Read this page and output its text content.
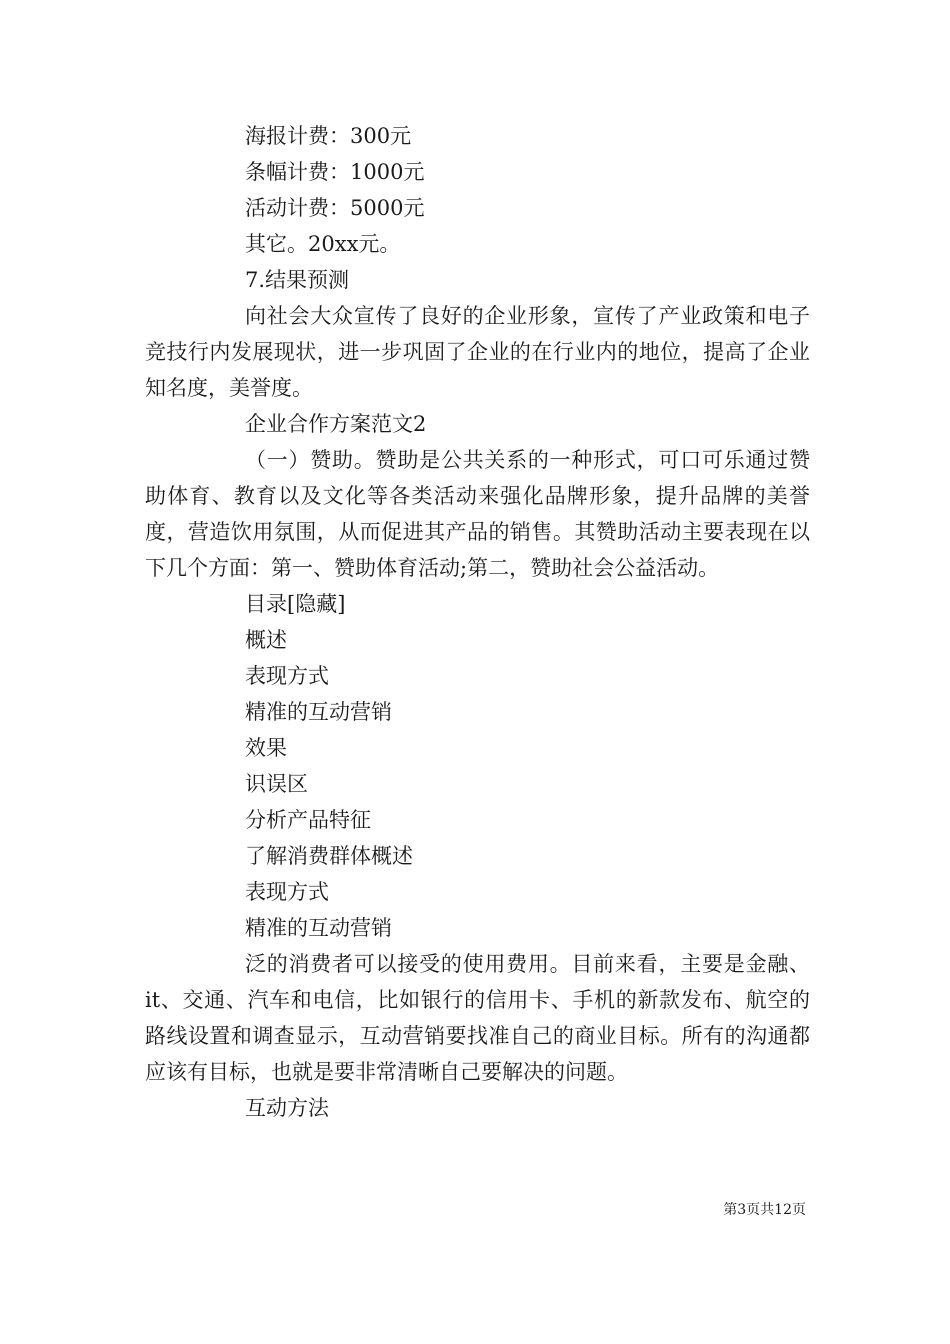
海报计费：300元

条幅计费：1000元

活动计费：5000元

其它。20xx元。

7.结果预测

向社会大众宣传了良好的企业形象，宣传了产业政策和电子竞技行内发展现状，进一步巩固了企业的在行业内的地位，提高了企业知名度，美誉度。

企业合作方案范文2

（一）赞助。赞助是公共关系的一种形式，可口可乐通过赞助体育、教育以及文化等各类活动来强化品牌形象，提升品牌的美誉度，营造饮用氛围，从而促进其产品的销售。其赞助活动主要表现在以下几个方面：第一、赞助体育活动;第二，赞助社会公益活动。

目录[隐藏]

概述

表现方式

精准的互动营销

效果

识误区

分析产品特征

了解消费群体概述

表现方式

精准的互动营销

泛的消费者可以接受的使用费用。目前来看，主要是金融、it、交通、汽车和电信，比如银行的信用卡、手机的新款发布、航空的路线设置和调查显示，互动营销要找准自己的商业目标。所有的沟通都应该有目标，也就是要非常清晰自己要解决的问题。

互动方法

第3页共12页
